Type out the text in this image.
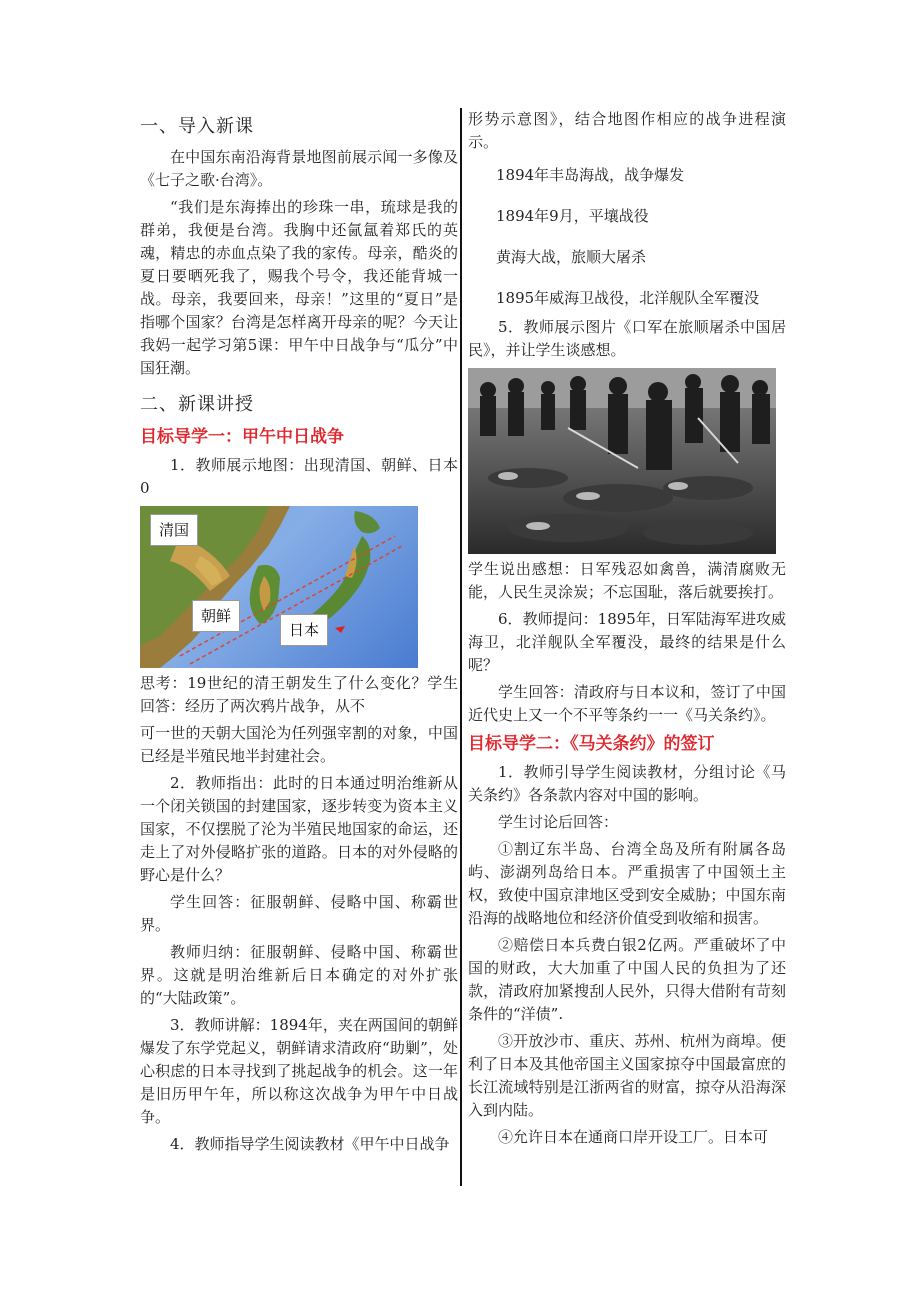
一、导入新课

在中国东南沿海背景地图前展示闻一多像及《七子之歌·台湾》。

“我们是东海捧出的珍珠一串，琉球是我的群弟，我便是台湾。我胸中还氤氲着郑氏的英魂，精忠的赤血点染了我的家传。母亲，酷炎的夏日要晒死我了，赐我个号令，我还能背城一战。母亲，我要回来，母亲！”这里的“夏日”是指哪个国家？台湾是怎样离开母亲的呢？今天让我妈一起学习第5课：甲午中日战争与“瓜分”中国狂潮。

二、新课讲授
目标导学一：甲午中日战争

1．教师展示地图：出现清国、朝鲜、日本0

清国
朝鲜
日本

思考：19世纪的清王朝发生了什么变化？学生回答：经历了两次鸦片战争，从不

可一世的天朝大国沦为任列强宰割的对象，中国已经是半殖民地半封建社会。

2．教师指出：此时的日本通过明治维新从一个闭关锁国的封建国家，逐步转变为资本主义国家，不仅摆脱了沦为半殖民地国家的命运，还走上了对外侵略扩张的道路。日本的对外侵略的野心是什么？

学生回答：征服朝鲜、侵略中国、称霸世界。

教师归纳：征服朝鲜、侵略中国、称霸世界。这就是明治维新后日本确定的对外扩张的“大陆政策”。

3．教师讲解：1894年，夹在两国间的朝鲜爆发了东学党起义，朝鲜请求清政府“助剿”，处心积虑的日本寻找到了挑起战争的机会。这一年是旧历甲午年，所以称这次战争为甲午中日战争。

4．教师指导学生阅读教材《甲午中日战争

形势示意图》，结合地图作相应的战争进程演示。

1894年丰岛海战，战争爆发
1894年9月，平壤战役
黄海大战，旅顺大屠杀
1895年威海卫战役，北洋舰队全军覆没

5．教师展示图片《口军在旅顺屠杀中国居民》，并让学生谈感想。

学生说出感想：日军残忍如禽兽，满清腐败无能，人民生灵涂炭；不忘国耻，落后就要挨打。

6．教师提问：1895年，日军陆海军进攻威海卫，北洋舰队全军覆没，最终的结果是什么呢？

学生回答：清政府与日本议和，签订了中国近代史上又一个不平等条约一一《马关条约》。

目标导学二：《马关条约》的签订

1．教师引导学生阅读教材，分组讨论《马关条约》各条款内容对中国的影响。

学生讨论后回答：

①割辽东半岛、台湾全岛及所有附属各岛屿、澎湖列岛给日本。严重损害了中国领土主权，致使中国京津地区受到安全威胁；中国东南沿海的战略地位和经济价值受到收缩和损害。

②赔偿日本兵费白银2亿两。严重破坏了中国的财政，大大加重了中国人民的负担为了还款，清政府加紧搜刮人民外，只得大借附有苛刻条件的“洋债”.

③开放沙市、重庆、苏州、杭州为商埠。便利了日本及其他帝国主义国家掠夺中国最富庶的长江流域特别是江浙两省的财富，掠夺从沿海深入到内陆。

④允许日本在通商口岸开设工厂。日本可
